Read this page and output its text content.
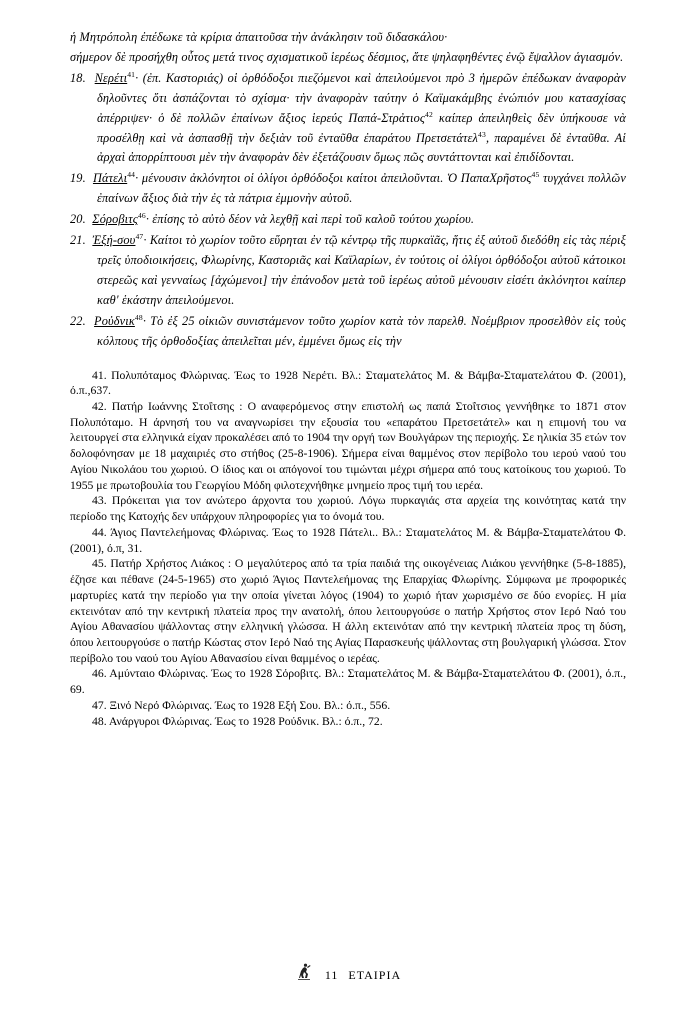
ἡ Μητρόπολη ἐπέδωκε τὰ κρίρια ἀπαιτοῦσα τὴν ἀνάκλησιν τοῦ διδασκάλου·

σήμερον δὲ προσήχθη οὗτος μετά τινος σχισματικοῦ ἱερέως δέσμιος, ἅτε ψηλαφηθέντες ἐνῷ ἔψαλλον ἁγιασμόν.

18. Νερέτι$^{41}$· (ἐπ. Καστοριάς) οἱ ὀρθόδοξοι πιεζόμενοι καὶ ἀπειλούμενοι πρὸ 3 ἡμερῶν ἐπέδωκαν ἀναφορὰν δηλοῦντες ὅτι ἀσπάζονται τὸ σχίσμα· τὴν ἀναφορὰν ταύτην ὁ Καϊμακάμβης ἐνώπιόν μου κατασχίσας ἀπέρριψεν· ὁ δὲ πολλῶν ἐπαίνων ἄξιος ἱερεύς Παπά-Στρἀτιος$^{42}$ καίπερ ἀπειληθεὶς δὲν ὑπήκουσε νὰ προσέλθῃ καὶ νὰ ἀσπασθῇ τὴν δεξιὰν τοῦ ἐνταῦθα ἐπαράτου Πρετσετάτελ$^{43}$, παραμένει δὲ ἐνταῦθα. Αἱ ἀρχαὶ ἀπορρίπτουσι μὲν τὴν ἀναφορὰν δὲν ἐξετάζουσιν ὅμως πῶς συντάττονται καὶ ἐπιδίδονται.

19. Πάτελι$^{44}$· μένουσιν ἀκλόνητοι οἱ ὀλίγοι ὀρθόδοξοι καίτοι ἀπειλοῦνται. Ὁ ΠαπαΧρῆστος$^{45}$ τυγχάνει πολλῶν ἐπαίνων ἄξιος διὰ τὴν ἐς τὰ πάτρια ἐμμονὴν αὐτοῦ.

20. Σόροβιτς$^{46}$· ἐπίσης τὸ αὐτὸ δέον νὰ λεχθῇ καὶ περὶ τοῦ καλοῦ τούτου χωρίου.

21. Ἐξή-σου$^{47}$· Καίτοι τὸ χωρίον τοῦτο εὕρηται ἐν τῷ κέντρῳ τῆς πυρκαϊᾶς, ἥτις ἐξ αὐτοῦ διεδόθη εἰς τὰς πέριξ τρεῖς ὑποδιοικήσεις, Φλωρίνης, Καστοριᾶς καὶ Καϊλαρίων, ἐν τούτοις οἱ ὀλίγοι ὀρθόδοξοι αὐτοῦ κάτοικοι στερεῶς καὶ γενναίως [ἀχώμενοι] τὴν ἐπάνοδον μετὰ τοῦ ἱερέως αὐτοῦ μένουσιν εἰσέτι ἀκλόνητοι καίπερ καθ' ἑκάστην ἀπειλούμενοι.

22. Ροὐδνικ$^{48}$· Τὸ ἐξ 25 οἰκιῶν συνιστάμενον τοῦτο χωρίον κατὰ τὸν παρελθ. Νοέμβριον προσελθὸν εἰς τοὺς κόλπους τῆς ὀρθοδοξίας ἀπειλεῖται μέν, ἐμμένει ὅμως εἰς τὴν

41. Πολυπόταμος Φλώρινας. Έως το 1928 Νερέτι. Βλ.: Σταματελάτος Μ. & Βάμβα-Σταματελάτου Φ. (2001), ό.π.,637.

42. Πατήρ Ιωάννης Στοΐτσης : Ο αναφερόμενος στην επιστολή ως παπά Στοΐτσιος γεννήθηκε το 1871 στον Πολυπόταμο. Η άρνησή του να αναγνωρίσει την εξουσία του «επαράτου Πρετσετάτελ» και η επιμονή του να λειτουργεί στα ελληνικά είχαν προκαλέσει από το 1904 την οργή των Βουλγάρων της περιοχής. Σε ηλικία 35 ετών τον δολοφόνησαν με 18 μαχαιριές στο στήθος (25-8-1906). Σήμερα είναι θαμμένος στον περίβολο του ιερού ναού του Αγίου Νικολάου του χωριού. Ο ίδιος και οι απόγονοί του τιμώνται μέχρι σήμερα από τους κατοίκους του χωριού. Το 1955 με πρωτοβουλία του Γεωργίου Μόδη φιλοτεχνήθηκε μνημείο προς τιμή του ιερέα.

43. Πρόκειται για τον ανώτερο άρχοντα του χωριού. Λόγω πυρκαγιάς στα αρχεία της κοινότητας κατά την περίοδο της Κατοχής δεν υπάρχουν πληροφορίες για το όνομά του.

44. Άγιος Παντελεήμονας Φλώρινας. Έως το 1928 Πάτελι.. Βλ.: Σταματελάτος Μ. & Βάμβα-Σταματελάτου Φ. (2001), ό.π, 31.

45. Πατήρ Χρήστος Λιάκος : Ο μεγαλύτερος από τα τρία παιδιά της οικογένειας Λιάκου γεννήθηκε (5-8-1885), έζησε και πέθανε (24-5-1965) στο χωριό Άγιος Παντελεήμονας της Επαρχίας Φλωρίνης. Σύμφωνα με προφορικές μαρτυρίες κατά την περίοδο για την οποία γίνεται λόγος (1904) το χωριό ήταν χωρισμένο σε δύο ενορίες. Η μία εκτεινόταν από την κεντρική πλατεία προς την ανατολή, όπου λειτουργούσε ο πατήρ Χρήστος στον Ιερό Ναό του Αγίου Αθανασίου ψάλλοντας στην ελληνική γλώσσα. Η άλλη εκτεινόταν από την κεντρική πλατεία προς τη δύση, όπου λειτουργούσε ο πατήρ Κώστας στον Ιερό Ναό της Αγίας Παρασκευής ψάλλοντας στη βουλγαρική γλώσσα. Στον περίβολο του ναού του Αγίου Αθανασίου είναι θαμμένος ο ιερέας.

46. Αμύνταιο Φλώρινας. Έως το 1928 Σόροβιτς. Βλ.: Σταματελάτος Μ. & Βάμβα-Σταματελάτου Φ. (2001), ό.π., 69.

47. Ξινό Νερό Φλώρινας. Έως το 1928 Εξή Σου. Βλ.: ό.π., 556.

48. Ανάργυροι Φλώρινας. Έως το 1928 Ρούδνικ. Βλ.: ό.π., 72.

11 ΕΤΑΙΡΙΑ
